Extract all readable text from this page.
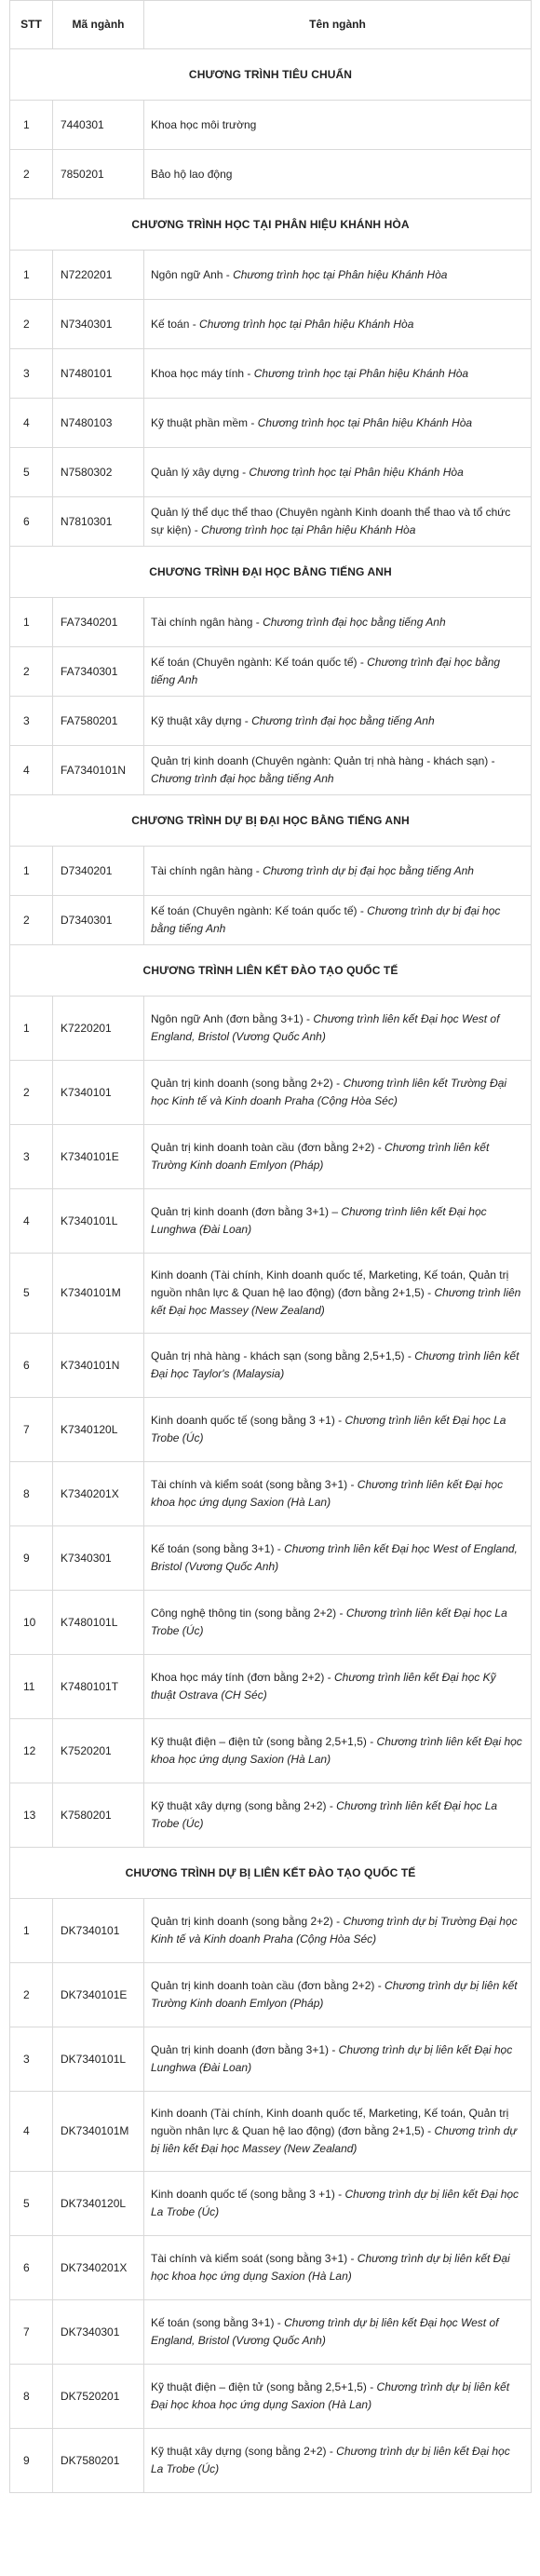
STT	Mã ngành	Tên ngành
CHƯƠNG TRÌNH TIÊU CHUẨN		
1	7440301	Khoa học môi trường
2	7850201	Bảo hộ lao động
CHƯƠNG TRÌNH HỌC TẠI PHÂN HIỆU KHÁNH HÒA		
1	N7220201	Ngôn ngữ Anh - Chương trình học tại Phân hiệu Khánh Hòa
2	N7340301	Kế toán - Chương trình học tại Phân hiệu Khánh Hòa
3	N7480101	Khoa học máy tính - Chương trình học tại Phân hiệu Khánh Hòa
4	N7480103	Kỹ thuật phần mềm - Chương trình học tại Phân hiệu Khánh Hòa
5	N7580302	Quản lý xây dựng - Chương trình học tại Phân hiệu Khánh Hòa
6	N7810301	Quản lý thể dục thể thao (Chuyên ngành Kinh doanh thể thao và tổ chức sự kiện) - Chương trình học tại Phân hiệu Khánh Hòa
CHƯƠNG TRÌNH ĐẠI HỌC BẰNG TIẾNG ANH		
1	FA7340201	Tài chính ngân hàng - Chương trình đại học bằng tiếng Anh
2	FA7340301	Kế toán (Chuyên ngành: Kế toán quốc tế) - Chương trình đại học bằng tiếng Anh
3	FA7580201	Kỹ thuật xây dựng - Chương trình đại học bằng tiếng Anh
4	FA7340101N	Quản trị kinh doanh (Chuyên ngành: Quản trị nhà hàng - khách sạn) - Chương trình đại học bằng tiếng Anh
CHƯƠNG TRÌNH DỰ BỊ ĐẠI HỌC BẰNG TIẾNG ANH		
1	D7340201	Tài chính ngân hàng - Chương trình dự bị đại học bằng tiếng Anh
2	D7340301	Kế toán (Chuyên ngành: Kế toán quốc tế) - Chương trình dự bị đại học bằng tiếng Anh
CHƯƠNG TRÌNH LIÊN KẾT ĐÀO TẠO QUỐC TẾ		
1	K7220201	Ngôn ngữ Anh (đơn bằng 3+1) - Chương trình liên kết Đại học West of England, Bristol (Vương Quốc Anh)
2	K7340101	Quản trị kinh doanh (song bằng 2+2) - Chương trình liên kết Trường Đại học Kinh tế và Kinh doanh Praha (Cộng Hòa Séc)
3	K7340101E	Quản trị kinh doanh toàn cầu (đơn bằng 2+2) - Chương trình liên kết Trường Kinh doanh Emlyon (Pháp)
4	K7340101L	Quản trị kinh doanh (đơn bằng 3+1) – Chương trình liên kết Đại học Lunghwa (Đài Loan)
5	K7340101M	Kinh doanh (Tài chính, Kinh doanh quốc tế, Marketing, Kế toán, Quản trị nguồn nhân lực & Quan hệ lao động) (đơn bằng 2+1,5) - Chương trình liên kết Đại học Massey (New Zealand)
6	K7340101N	Quản trị nhà hàng - khách sạn (song bằng 2,5+1,5) - Chương trình liên kết Đại học Taylor's (Malaysia)
7	K7340120L	Kinh doanh quốc tế (song bằng 3 +1) - Chương trình liên kết Đại học La Trobe (Úc)
8	K7340201X	Tài chính và kiểm soát (song bằng 3+1) - Chương trình liên kết Đại học khoa học ứng dụng Saxion (Hà Lan)
9	K7340301	Kế toán (song bằng 3+1) - Chương trình liên kết Đại học West of England, Bristol (Vương Quốc Anh)
10	K7480101L	Công nghệ thông tin (song bằng 2+2) - Chương trình liên kết Đại học La Trobe (Úc)
11	K7480101T	Khoa học máy tính (đơn bằng 2+2) - Chương trình liên kết Đại học Kỹ thuật Ostrava (CH Séc)
12	K7520201	Kỹ thuật điện – điện tử (song bằng 2,5+1,5) - Chương trình liên kết Đại học khoa học ứng dụng Saxion (Hà Lan)
13	K7580201	Kỹ thuật xây dựng (song bằng 2+2) - Chương trình liên kết Đại học La Trobe (Úc)
CHƯƠNG TRÌNH DỰ BỊ LIÊN KẾT ĐÀO TẠO QUỐC TẾ		
1	DK7340101	Quản trị kinh doanh (song bằng 2+2) - Chương trình dự bị Trường Đại học Kinh tế và Kinh doanh Praha (Cộng Hòa Séc)
2	DK7340101E	Quản trị kinh doanh toàn cầu (đơn bằng 2+2) - Chương trình dự bị liên kết Trường Kinh doanh Emlyon (Pháp)
3	DK7340101L	Quản trị kinh doanh (đơn bằng 3+1) - Chương trình dự bị liên kết Đại học Lunghwa (Đài Loan)
4	DK7340101M	Kinh doanh (Tài chính, Kinh doanh quốc tế, Marketing, Kế toán, Quản trị nguồn nhân lực & Quan hệ lao động) (đơn bằng 2+1,5) - Chương trình dự bị liên kết Đại học Massey (New Zealand)
5	DK7340120L	Kinh doanh quốc tế (song bằng 3 +1) - Chương trình dự bị liên kết Đại học La Trobe (Úc)
6	DK7340201X	Tài chính và kiểm soát (song bằng 3+1) - Chương trình dự bị liên kết Đại học khoa học ứng dụng Saxion (Hà Lan)
7	DK7340301	Kế toán (song bằng 3+1) - Chương trình dự bị liên kết Đại học West of England, Bristol (Vương Quốc Anh)
8	DK7520201	Kỹ thuật điện – điện tử (song bằng 2,5+1,5) - Chương trình dự bị liên kết Đại học khoa học ứng dụng Saxion (Hà Lan)
9	DK7580201	Kỹ thuật xây dựng (song bằng 2+2) - Chương trình dự bị liên kết Đại học La Trobe (Úc)
